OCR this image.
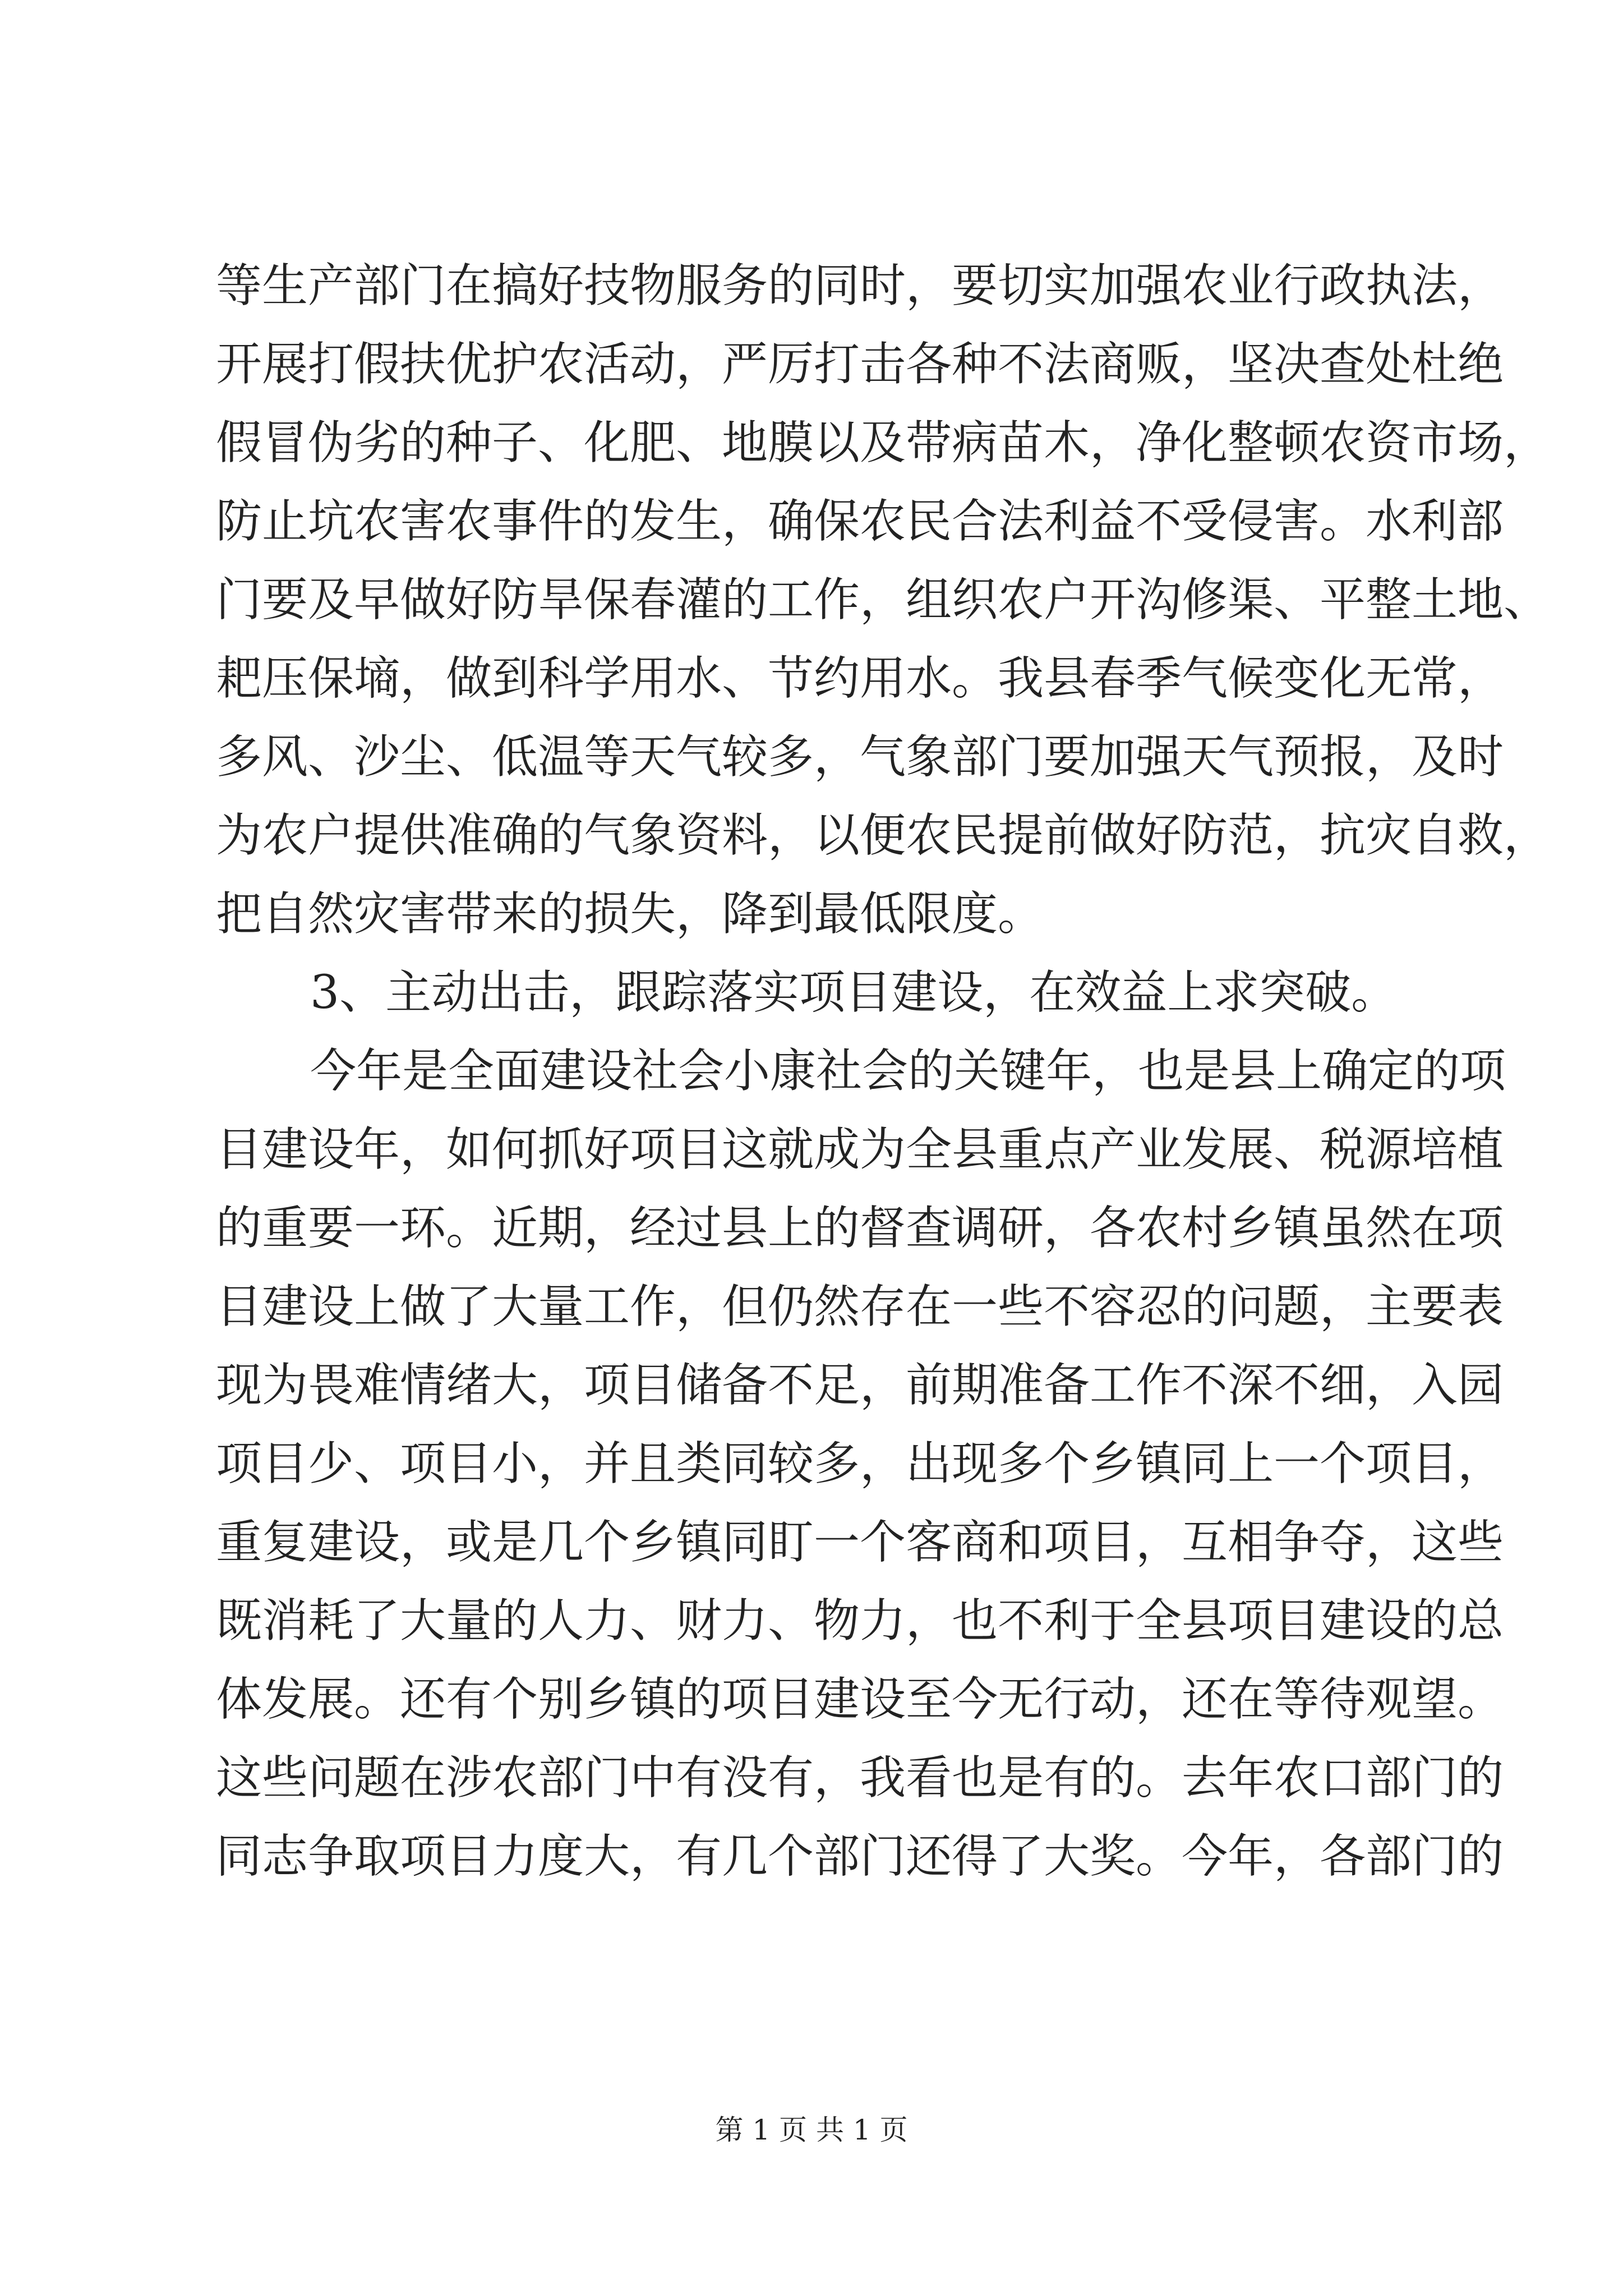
等生产部门在搞好技物服务的同时，要切实加强农业行政执法，
开展打假扶优护农活动，严厉打击各种不法商贩，坚决查处杜绝
假冒伪劣的种子、化肥、地膜以及带病苗木，净化整顿农资市场，
防止坑农害农事件的发生，确保农民合法利益不受侵害。水利部
门要及早做好防旱保春灌的工作，组织农户开沟修渠、平整土地、
耙压保墒，做到科学用水、节约用水。我县春季气候变化无常，
多风、沙尘、低温等天气较多，气象部门要加强天气预报，及时
为农户提供准确的气象资料，以便农民提前做好防范，抗灾自救，
把自然灾害带来的损失，降到最低限度。
3、主动出击，跟踪落实项目建设，在效益上求突破。
今年是全面建设社会小康社会的关键年，也是县上确定的项
目建设年，如何抓好项目这就成为全县重点产业发展、税源培植
的重要一环。近期，经过县上的督查调研，各农村乡镇虽然在项
目建设上做了大量工作，但仍然存在一些不容忍的问题，主要表
现为畏难情绪大，项目储备不足，前期准备工作不深不细，入园
项目少、项目小，并且类同较多，出现多个乡镇同上一个项目，
重复建设，或是几个乡镇同盯一个客商和项目，互相争夺，这些
既消耗了大量的人力、财力、物力，也不利于全县项目建设的总
体发展。还有个别乡镇的项目建设至今无行动，还在等待观望。
这些问题在涉农部门中有没有，我看也是有的。去年农口部门的
同志争取项目力度大，有几个部门还得了大奖。今年，各部门的
第 1 页 共 1 页
